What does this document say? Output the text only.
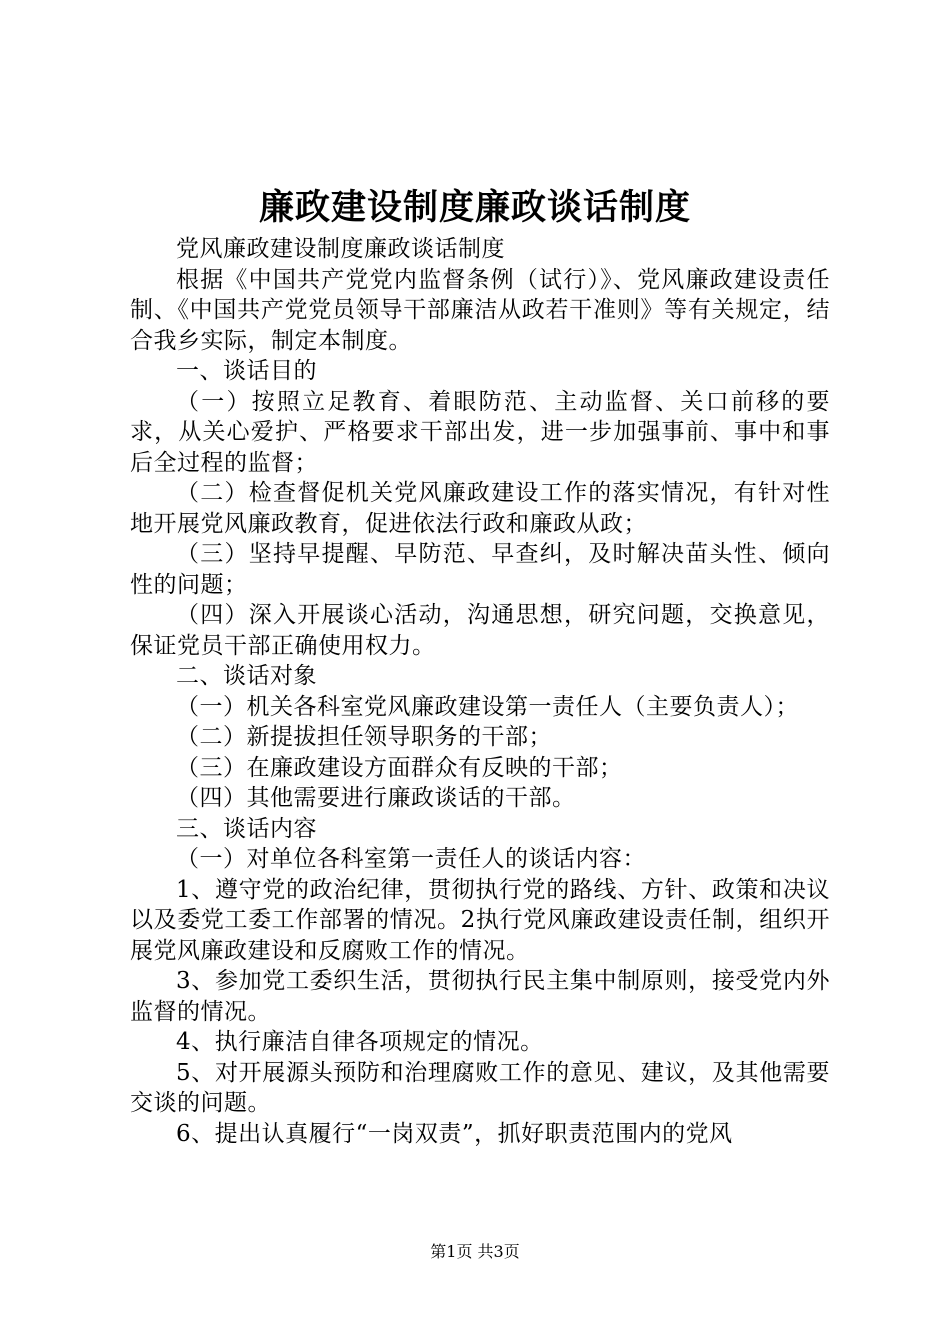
廉政建设制度廉政谈话制度

党风廉政建设制度廉政谈话制度

根据《中国共产党党内监督条例（试行）》、党风廉政建设责任制、《中国共产党党员领导干部廉洁从政若干准则》等有关规定，结合我乡实际，制定本制度。

一、谈话目的

（一）按照立足教育、着眼防范、主动监督、关口前移的要求，从关心爱护、严格要求干部出发，进一步加强事前、事中和事后全过程的监督；

（二）检查督促机关党风廉政建设工作的落实情况，有针对性地开展党风廉政教育，促进依法行政和廉政从政；

（三）坚持早提醒、早防范、早查纠，及时解决苗头性、倾向性的问题；

（四）深入开展谈心活动，沟通思想，研究问题，交换意见，保证党员干部正确使用权力。

二、谈话对象

（一）机关各科室党风廉政建设第一责任人（主要负责人）；

（二）新提拔担任领导职务的干部；

（三）在廉政建设方面群众有反映的干部；

（四）其他需要进行廉政谈话的干部。

三、谈话内容

（一）对单位各科室第一责任人的谈话内容：

1、遵守党的政治纪律，贯彻执行党的路线、方针、政策和决议以及委党工委工作部署的情况。2执行党风廉政建设责任制，组织开展党风廉政建设和反腐败工作的情况。

3、参加党工委织生活，贯彻执行民主集中制原则，接受党内外监督的情况。

4、执行廉洁自律各项规定的情况。

5、对开展源头预防和治理腐败工作的意见、建议，及其他需要交谈的问题。

6、提出认真履行“一岗双责”，抓好职责范围内的党风

第1页 共3页
